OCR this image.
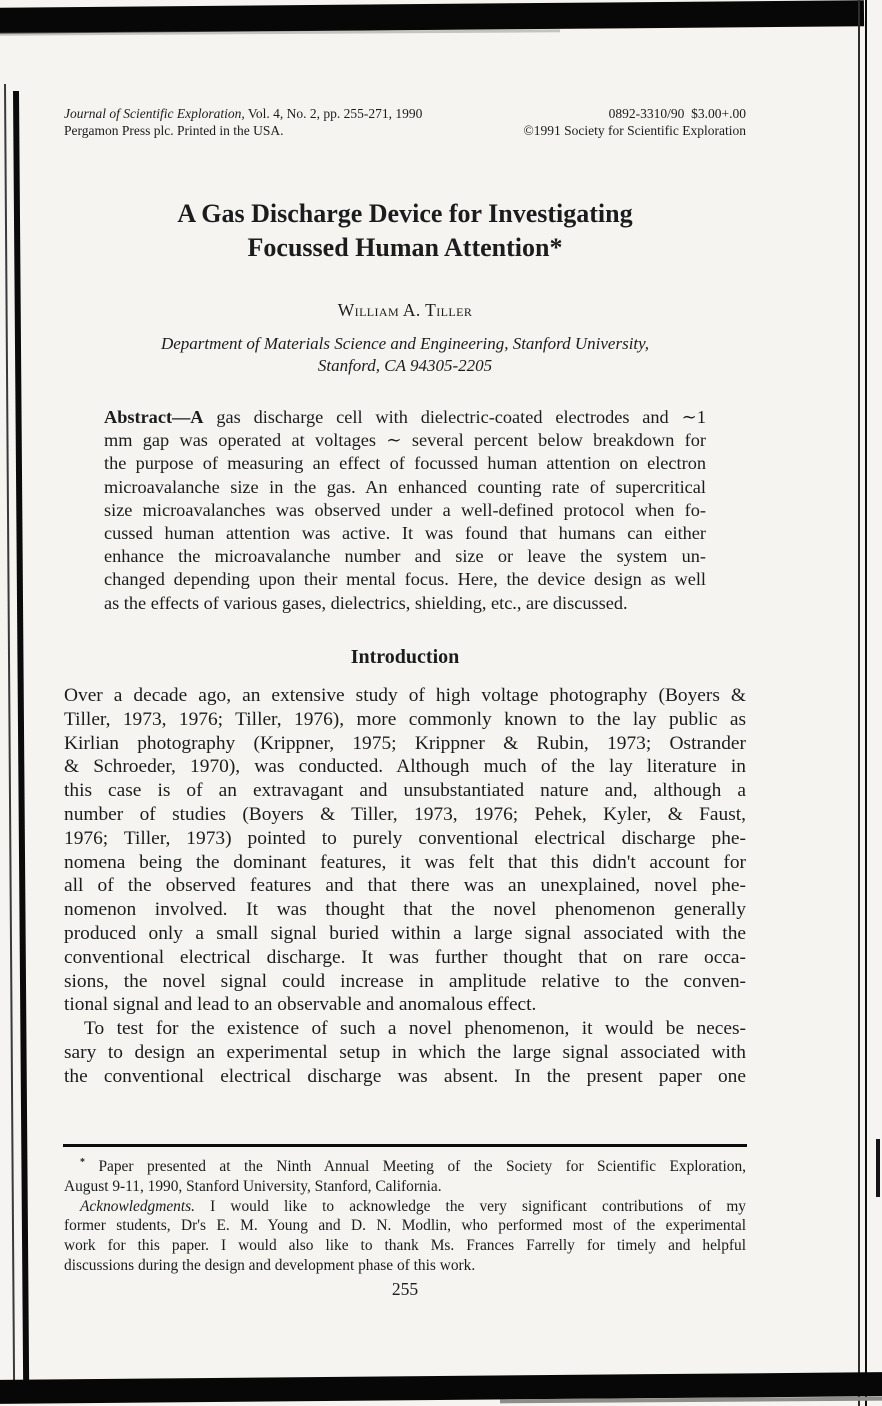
Journal of Scientific Exploration, Vol. 4, No. 2, pp. 255-271, 1990
Pergamon Press plc. Printed in the USA.
0892-3310/90  $3.00+.00
©1991 Society for Scientific Exploration
A Gas Discharge Device for Investigating
Focussed Human Attention*
William A. Tiller
Department of Materials Science and Engineering, Stanford University,
Stanford, CA 94305-2205
Abstract—A gas discharge cell with dielectric-coated electrodes and ∼1
mm gap was operated at voltages ∼ several percent below breakdown for
the purpose of measuring an effect of focussed human attention on electron
microavalanche size in the gas. An enhanced counting rate of supercritical
size microavalanches was observed under a well-defined protocol when fo-
cussed human attention was active. It was found that humans can either
enhance the microavalanche number and size or leave the system un-
changed depending upon their mental focus. Here, the device design as well
as the effects of various gases, dielectrics, shielding, etc., are discussed.
Introduction
Over a decade ago, an extensive study of high voltage photography (Boyers &
Tiller, 1973, 1976; Tiller, 1976), more commonly known to the lay public as
Kirlian photography (Krippner, 1975; Krippner & Rubin, 1973; Ostrander
& Schroeder, 1970), was conducted. Although much of the lay literature in
this case is of an extravagant and unsubstantiated nature and, although a
number of studies (Boyers & Tiller, 1973, 1976; Pehek, Kyler, & Faust,
1976; Tiller, 1973) pointed to purely conventional electrical discharge phe-
nomena being the dominant features, it was felt that this didn't account for
all of the observed features and that there was an unexplained, novel phe-
nomenon involved. It was thought that the novel phenomenon generally
produced only a small signal buried within a large signal associated with the
conventional electrical discharge. It was further thought that on rare occa-
sions, the novel signal could increase in amplitude relative to the conven-
tional signal and lead to an observable and anomalous effect.
To test for the existence of such a novel phenomenon, it would be neces-
sary to design an experimental setup in which the large signal associated with
the conventional electrical discharge was absent. In the present paper one
* Paper presented at the Ninth Annual Meeting of the Society for Scientific Exploration,
August 9-11, 1990, Stanford University, Stanford, California.
Acknowledgments. I would like to acknowledge the very significant contributions of my
former students, Dr's E. M. Young and D. N. Modlin, who performed most of the experimental
work for this paper. I would also like to thank Ms. Frances Farrelly for timely and helpful
discussions during the design and development phase of this work.
255
